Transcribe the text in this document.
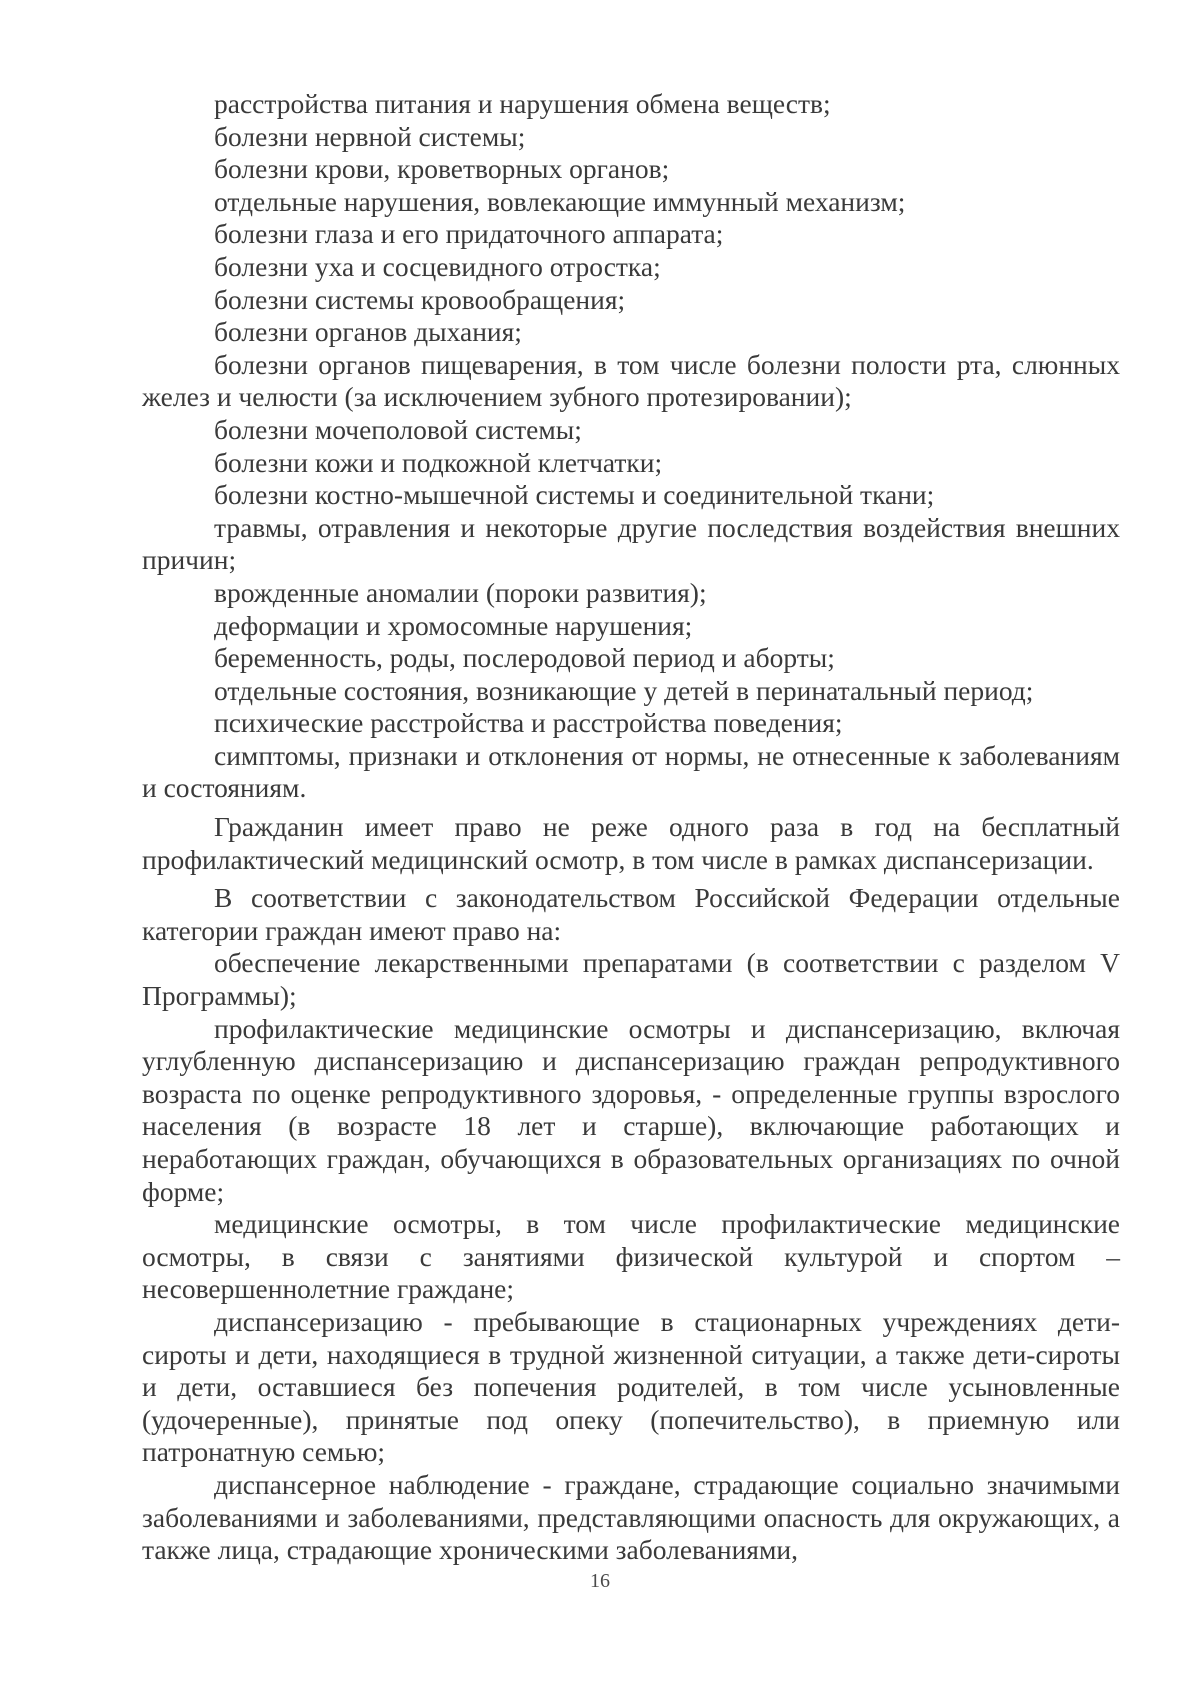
расстройства питания и нарушения обмена веществ;

болезни нервной системы;

болезни крови, кроветворных органов;

отдельные нарушения, вовлекающие иммунный механизм;

болезни глаза и его придаточного аппарата;

болезни уха и сосцевидного отростка;

болезни системы кровообращения;

болезни органов дыхания;

болезни органов пищеварения, в том числе болезни полости рта, слюнных желез и челюсти (за исключением зубного протезировании);

болезни мочеполовой системы;

болезни кожи и подкожной клетчатки;

болезни костно-мышечной системы и соединительной ткани;

травмы, отравления и некоторые другие последствия воздействия внешних причин;

врожденные аномалии (пороки развития);

деформации и хромосомные нарушения;

беременность, роды, послеродовой период и аборты;

отдельные состояния, возникающие у детей в перинатальный период;

психические расстройства и расстройства поведения;

симптомы, признаки и отклонения от нормы, не отнесенные к заболеваниям и состояниям.

Гражданин имеет право не реже одного раза в год на бесплатный профилактический медицинский осмотр, в том числе в рамках диспансеризации.

В соответствии с законодательством Российской Федерации отдельные категории граждан имеют право на:

обеспечение лекарственными препаратами (в соответствии с разделом V Программы);

профилактические медицинские осмотры и диспансеризацию, включая углубленную диспансеризацию и диспансеризацию граждан репродуктивного возраста по оценке репродуктивного здоровья, - определенные группы взрослого населения (в возрасте 18 лет и старше), включающие работающих и неработающих граждан, обучающихся в образовательных организациях по очной форме;

медицинские осмотры, в том числе профилактические медицинские осмотры, в связи с занятиями физической культурой и спортом – несовершеннолетние граждане;

диспансеризацию - пребывающие в стационарных учреждениях дети-сироты и дети, находящиеся в трудной жизненной ситуации, а также дети-сироты и дети, оставшиеся без попечения родителей, в том числе усыновленные (удочеренные), принятые под опеку (попечительство), в приемную или патронатную семью;

диспансерное наблюдение - граждане, страдающие социально значимыми заболеваниями и заболеваниями, представляющими опасность для окружающих, а также лица, страдающие хроническими заболеваниями,

16
